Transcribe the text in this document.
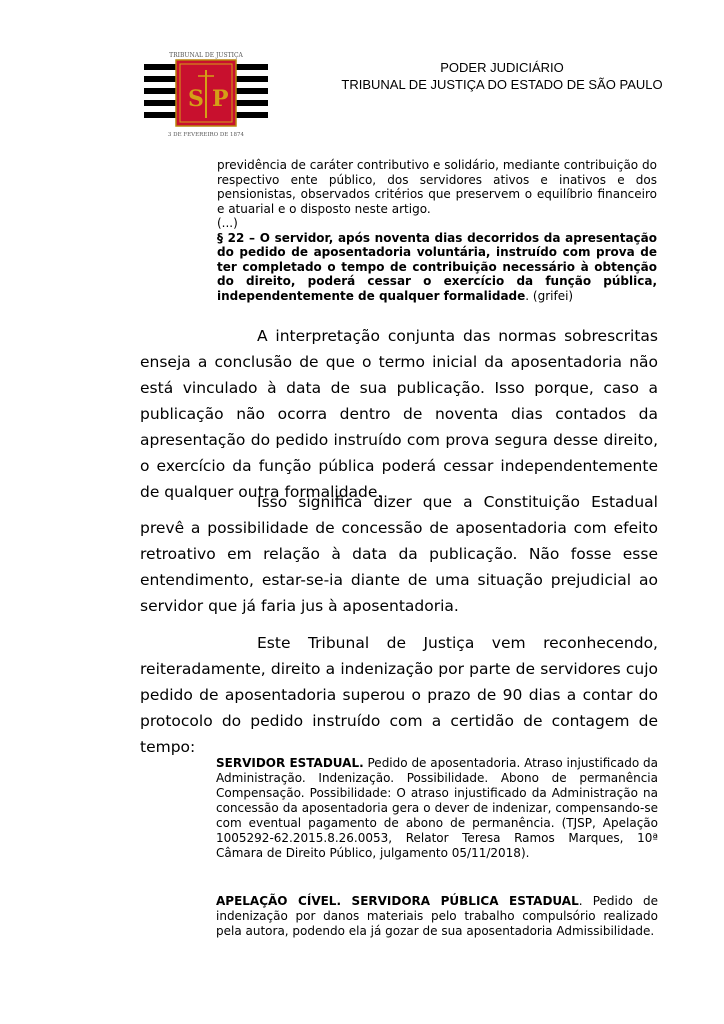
S P
TRIBUNAL DE JUSTIÇA
3 DE FEVEREIRO DE 1874
PODER JUDICIÁRIO
TRIBUNAL DE JUSTIÇA DO ESTADO DE SÃO PAULO

previdência de caráter contributivo e solidário, mediante contribuição do respectivo ente público, dos servidores ativos e inativos e dos pensionistas, observados critérios que preservem o equilíbrio financeiro e atuarial e o disposto neste artigo.

(...)

§ 22 – O servidor, após noventa dias decorridos da apresentação do pedido de aposentadoria voluntária, instruído com prova de ter completado o tempo de contribuição necessário à obtenção do direito, poderá cessar o exercício da função pública, independentemente de qualquer formalidade. (grifei)

A interpretação conjunta das normas sobrescritas enseja a conclusão de que o termo inicial da aposentadoria não está vinculado à data de sua publicação. Isso porque, caso a publicação não ocorra dentro de noventa dias contados da apresentação do pedido instruído com prova segura desse direito, o exercício da função pública poderá cessar independentemente de qualquer outra formalidade.

Isso significa dizer que a Constituição Estadual prevê a possibilidade de concessão de aposentadoria com efeito retroativo em relação à data da publicação. Não fosse esse entendimento, estar-se-ia diante de uma situação prejudicial ao servidor que já faria jus à aposentadoria.

Este Tribunal de Justiça vem reconhecendo, reiteradamente, direito a indenização por parte de servidores cujo pedido de aposentadoria superou o prazo de 90 dias a contar do protocolo do pedido instruído com a certidão de contagem de tempo:

SERVIDOR ESTADUAL. Pedido de aposentadoria. Atraso injustificado da Administração. Indenização. Possibilidade. Abono de permanência Compensação. Possibilidade: O atraso injustificado da Administração na concessão da aposentadoria gera o dever de indenizar, compensando-se com eventual pagamento de abono de permanência. (TJSP, Apelação 1005292-62.2015.8.26.0053, Relator Teresa Ramos Marques, 10ª Câmara de Direito Público, julgamento 05/11/2018).

APELAÇÃO CÍVEL. SERVIDORA PÚBLICA ESTADUAL. Pedido de indenização por danos materiais pelo trabalho compulsório realizado pela autora, podendo ela já gozar de sua aposentadoria Admissibilidade.
